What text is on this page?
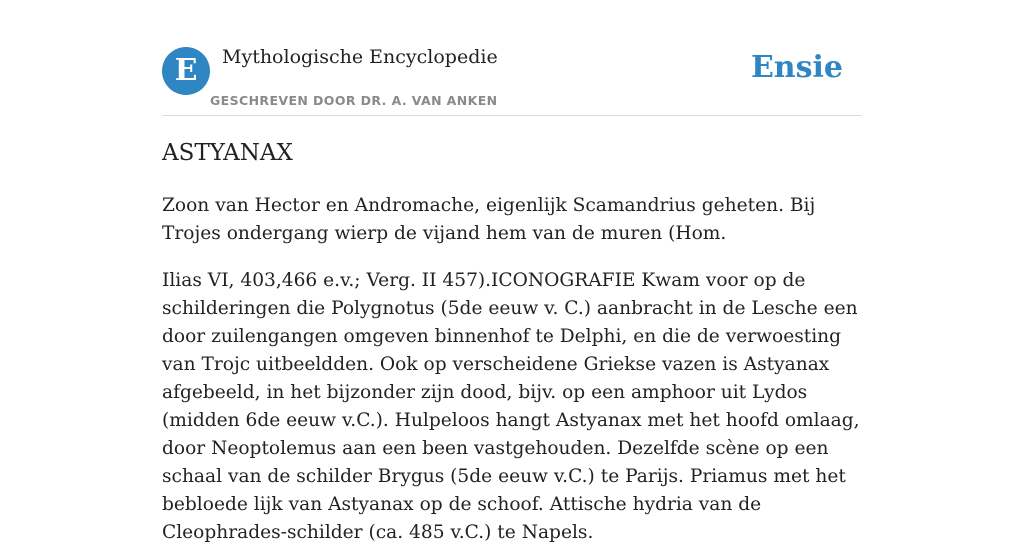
E	Mythologische Encyclopedie
GESCHREVEN DOOR DR. A. VAN ANKEN
Ensie
ASTYANAX

Zoon van Hector en Andromache, eigenlijk Scamandrius geheten. Bij Trojes ondergang wierp de vijand hem van de muren (Hom.

Ilias VI, 403,466 e.v.; Verg. II 457).ICONOGRAFIE Kwam voor op de schilderingen die Polygnotus (5de eeuw v. C.) aanbracht in de Lesche een door zuilengangen omgeven binnenhof te Delphi, en die de verwoesting van Trojc uitbeeldden. Ook op verscheidene Griekse vazen is Astyanax afgebeeld, in het bijzonder zijn dood, bijv. op een amphoor uit Lydos (midden 6de eeuw v.C.). Hulpeloos hangt Astyanax met het hoofd omlaag, door Neoptolemus aan een been vastgehouden. Dezelfde scène op een schaal van de schilder Brygus (5de eeuw v.C.) te Parijs. Priamus met het bebloede lijk van Astyanax op de schoof. Attische hydria van de Cleophrades-schilder (ca. 485 v.C.) te Napels.
